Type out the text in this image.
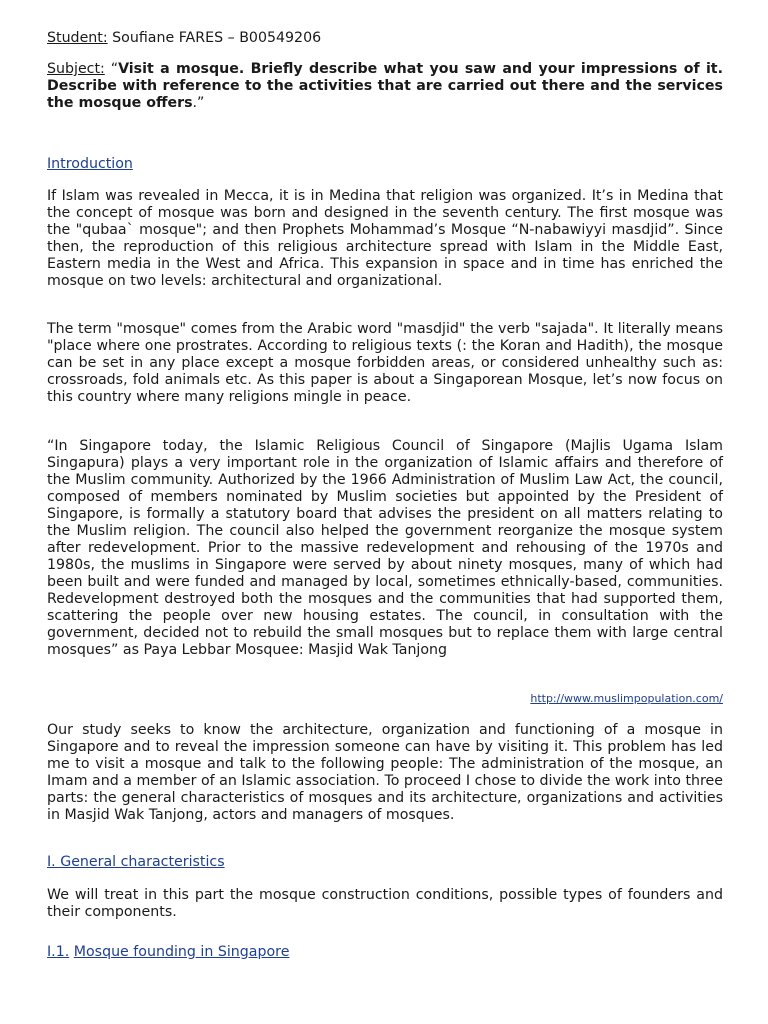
Student: Soufiane FARES – B00549206
Subject: “Visit a mosque. Briefly describe what you saw and your impressions of it. Describe with reference to the activities that are carried out there and the services the mosque offers.”
Introduction

If Islam was revealed in Mecca, it is in Medina that religion was organized. It’s in Medina that the concept of mosque was born and designed in the seventh century. The first mosque was the "qubaa` mosque"; and then Prophets Mohammad’s Mosque “N-nabawiyyi masdjid”. Since then, the reproduction of this religious architecture spread with Islam in the Middle East, Eastern media in the West and Africa. This expansion in space and in time has enriched the mosque on two levels: architectural and organizational.

The term "mosque" comes from the Arabic word "masdjid" the verb "sajada". It literally means "place where one prostrates. According to religious texts (: the Koran and Hadith), the mosque can be set in any place except a mosque forbidden areas, or considered unhealthy such as: crossroads, fold animals etc. As this paper is about a Singaporean Mosque, let’s now focus on this country where many religions mingle in peace.

“In Singapore today, the Islamic Religious Council of Singapore (Majlis Ugama Islam Singapura) plays a very important role in the organization of Islamic affairs and therefore of the Muslim community. Authorized by the 1966 Administration of Muslim Law Act, the council, composed of members nominated by Muslim societies but appointed by the President of Singapore, is formally a statutory board that advises the president on all matters relating to the Muslim religion. The council also helped the government reorganize the mosque system after redevelopment. Prior to the massive redevelopment and rehousing of the 1970s and 1980s, the muslims in Singapore were served by about ninety mosques, many of which had been built and were funded and managed by local, sometimes ethnically-based, communities. Redevelopment destroyed both the mosques and the communities that had supported them, scattering the people over new housing estates. The council, in consultation with the government, decided not to rebuild the small mosques but to replace them with large central mosques” as Paya Lebbar Mosquee: Masjid Wak Tanjong

http://www.muslimpopulation.com/

Our study seeks to know the architecture, organization and functioning of a mosque in Singapore and to reveal the impression someone can have by visiting it. This problem has led me to visit a mosque and talk to the following people: The administration of the mosque, an Imam and a member of an Islamic association. To proceed I chose to divide the work into three parts: the general characteristics of mosques and its architecture, organizations and activities in Masjid Wak Tanjong, actors and managers of mosques.

I. General characteristics

We will treat in this part the mosque construction conditions, possible types of founders and their components.

I.1. Mosque founding in Singapore
